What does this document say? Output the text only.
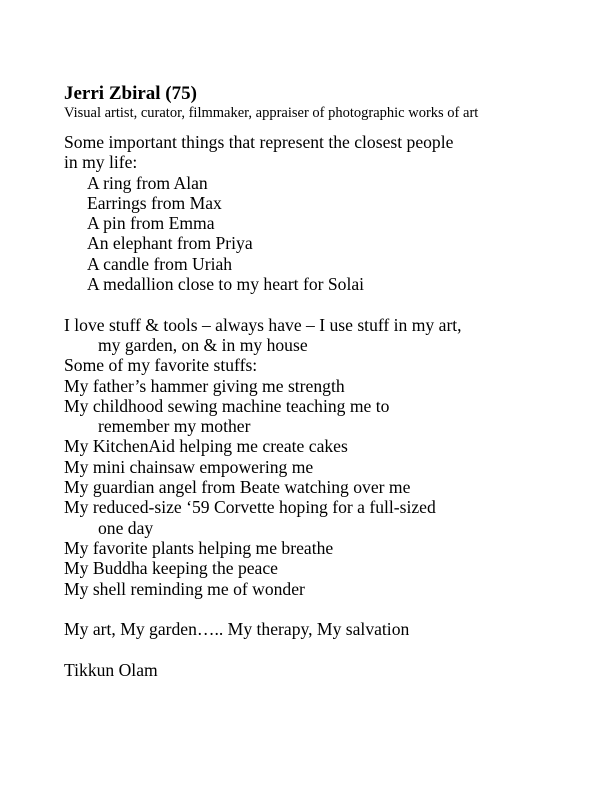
Jerri Zbiral (75)

Visual artist, curator, filmmaker, appraiser of photographic works of art

Some important things that represent the closest people
in my life:
A ring from Alan
Earrings from Max
A pin from Emma
An elephant from Priya
A candle from Uriah
A medallion close to my heart for Solai
I love stuff & tools – always have – I use stuff in my art,
my garden, on & in my house
Some of my favorite stuffs:
My father’s hammer giving me strength
My childhood sewing machine teaching me to
remember my mother
My KitchenAid helping me create cakes
My mini chainsaw empowering me
My guardian angel from Beate watching over me
My reduced-size ‘59 Corvette hoping for a full-sized
one day
My favorite plants helping me breathe
My Buddha keeping the peace
My shell reminding me of wonder
My art, My garden….. My therapy, My salvation
Tikkun Olam
